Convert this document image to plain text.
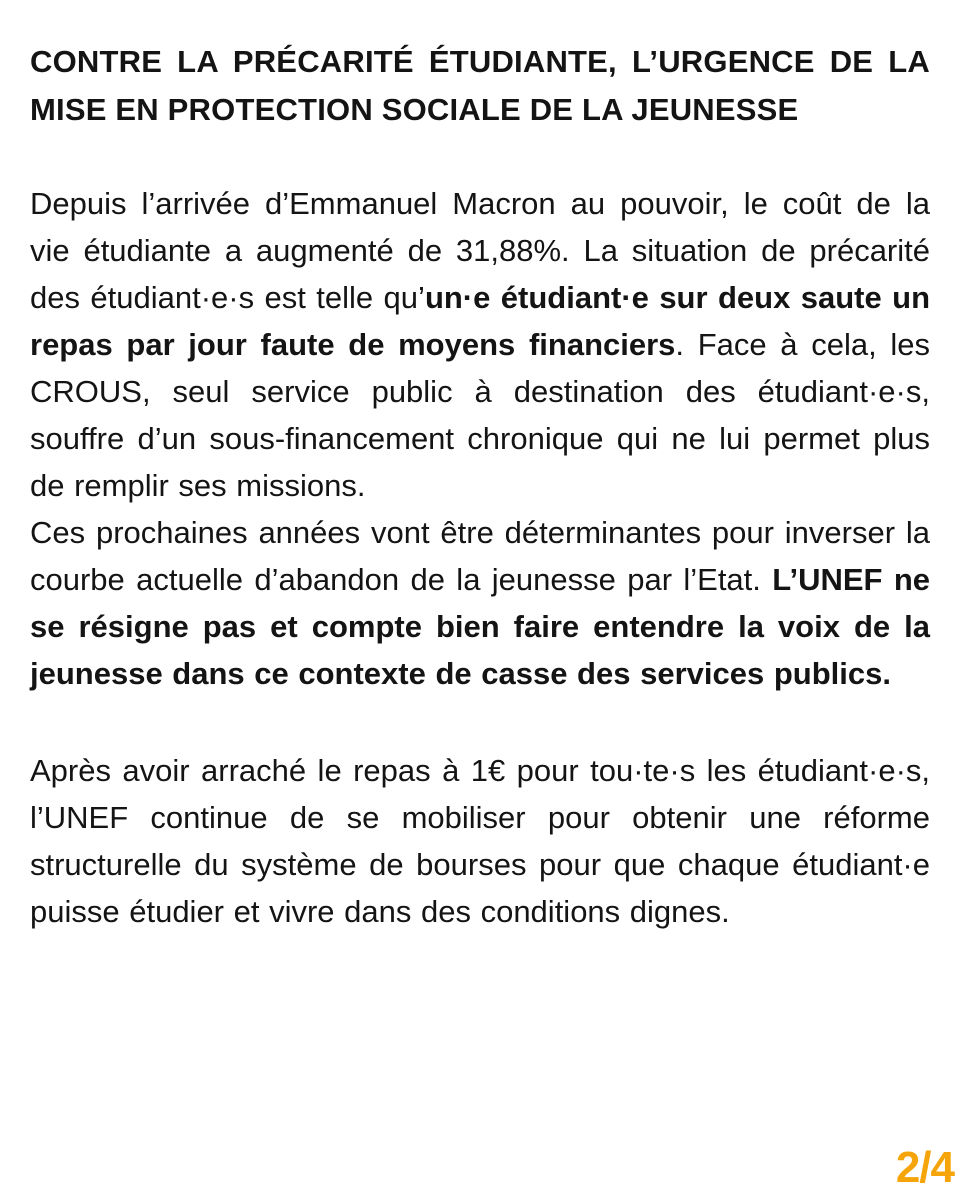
CONTRE LA PRÉCARITÉ ÉTUDIANTE, L’URGENCE DE LA MISE EN PROTECTION SOCIALE DE LA JEUNESSE

Depuis l’arrivée d’Emmanuel Macron au pouvoir, le coût de la vie étudiante a augmenté de 31,88%. La situation de précarité des étudiant·e·s est telle qu’un·e étudiant·e sur deux saute un repas par jour faute de moyens financiers. Face à cela, les CROUS, seul service public à destination des étudiant·e·s, souffre d’un sous-financement chronique qui ne lui permet plus de remplir ses missions.

Ces prochaines années vont être déterminantes pour inverser la courbe actuelle d’abandon de la jeunesse par l’Etat. L’UNEF ne se résigne pas et compte bien faire entendre la voix de la jeunesse dans ce contexte de casse des services publics.

Après avoir arraché le repas à 1€ pour tou·te·s les étudiant·e·s, l’UNEF continue de se mobiliser pour obtenir une réforme structurelle du système de bourses pour que chaque étudiant·e puisse étudier et vivre dans des conditions dignes.

2/4
